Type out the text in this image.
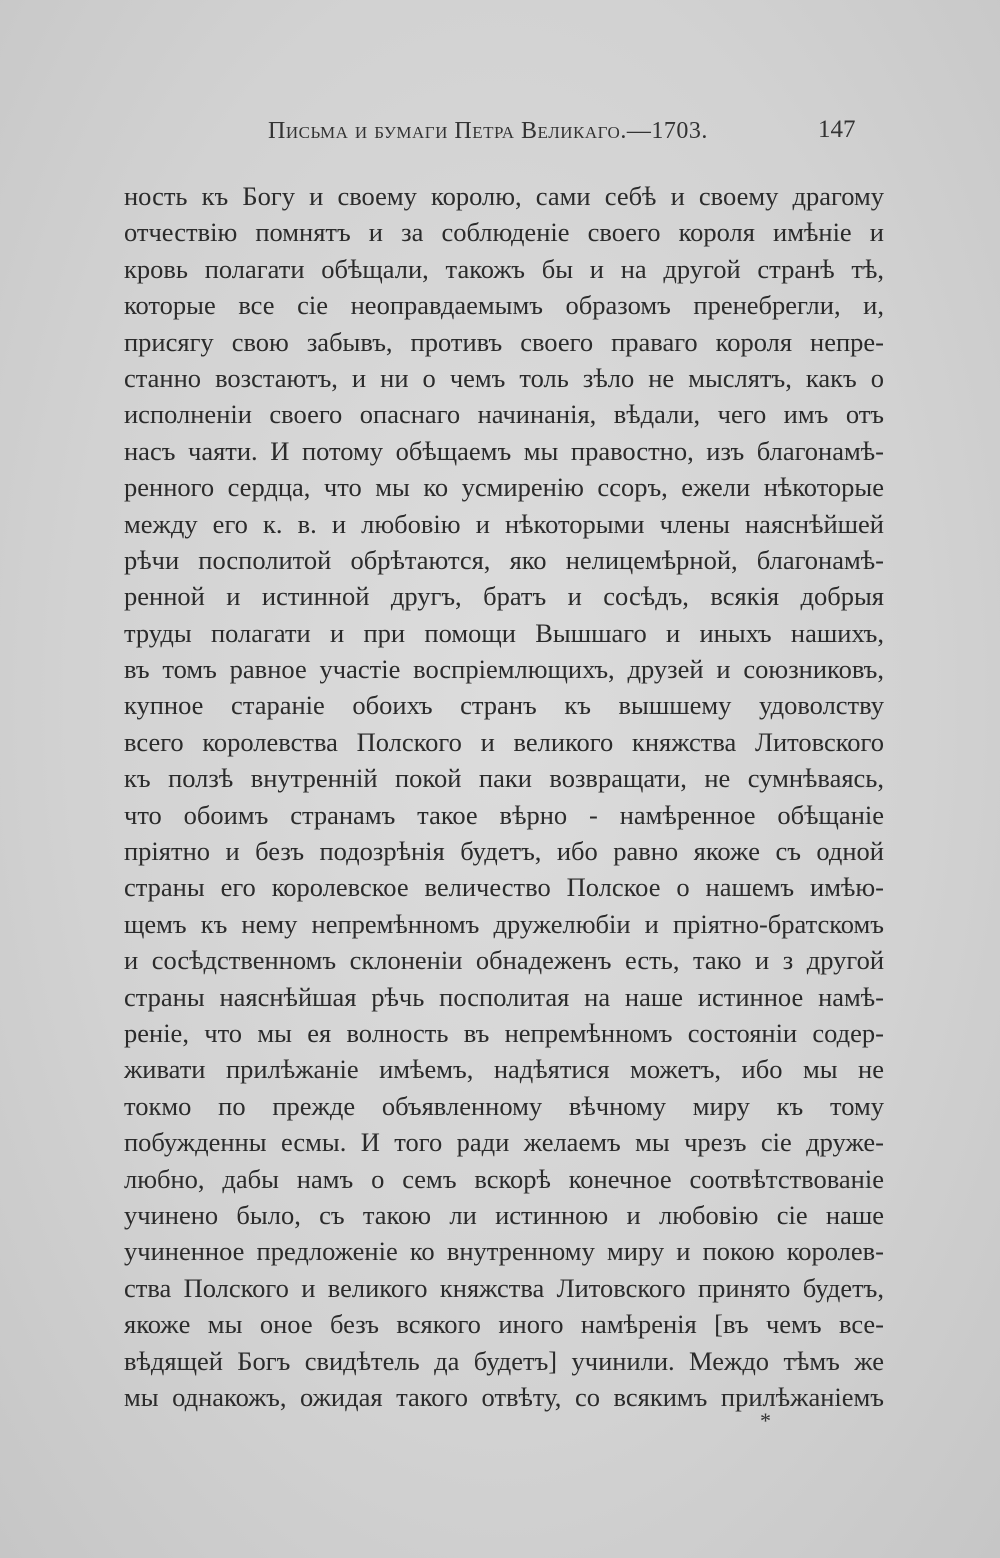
Письма и бумаги Петра Великаго.—1703.	147
ность къ Богу и своему королю, сами себѣ и своему драгому
отчествiю помнятъ и за соблюденiе своего короля имѣнiе и
кровь полагати обѣщали, такожъ бы и на другой странѣ тѣ,
которые все сiе неоправдаемымъ образомъ пренебрегли, и,
присягу свою забывъ, противъ своего праваго короля непре-
станно возстаютъ, и ни о чемъ толь зѣло не мыслятъ, какъ о
исполненiи своего опаснаго начинанiя, вѣдали, чего имъ отъ
насъ чаяти. И потому обѣщаемъ мы правостно, изъ благонамѣ-
ренного сердца, что мы ко усмиренiю ссоръ, ежели нѣкоторые
между его к. в. и любовiю и нѣкоторыми члены наяснѣйшей
рѣчи посполитой обрѣтаются, яко нелицемѣрной, благонамѣ-
ренной и истинной другъ, братъ и сосѣдъ, всякiя добрыя
труды полагати и при помощи Вышшаго и иныхъ нашихъ,
въ томъ равное участiе воспрiемлющихъ, друзей и союзниковъ,
купное старанiе обоихъ странъ къ вышшему удоволству
всего королевства Полского и великого княжства Литовского
къ ползѣ внутреннiй покой паки возвращати, не сумнѣваясь,
что обоимъ странамъ такое вѣрно - намѣренное обѣщанiе
прiятно и безъ подозрѣнiя будетъ, ибо равно якожe съ одной
страны его королевское величество Полское о нашемъ имѣю-
щемъ къ нему непремѣнномъ дружелюбiи и прiятно-братскомъ
и сосѣдственномъ склоненiи обнадеженъ есть, тако и з другой
страны наяснѣйшая рѣчь посполитая на наше истинное намѣ-
ренiе, что мы ея волность въ непремѣнномъ состоянiи содер-
живати прилѣжанiе имѣемъ, надѣятися можетъ, ибо мы не
токмо по прежде объявленному вѣчному миру къ тому
побужденны есмы. И того ради желаемъ мы чрезъ сiе друже-
любно, дабы намъ о семъ вскорѣ конечное соотвѣтствованiе
учинено было, съ такою ли истинною и любовiю сiе наше
учиненное предложенiе ко внутренному миру и покою королев-
ства Полского и великого княжства Литовского принято будетъ,
якожe мы оное безъ всякого иного намѣренiя [въ чемъ все-
вѣдящей Богъ свидѣтель да будетъ] учинили. Междо тѣмъ же
мы однакожъ, ожидая такого отвѣту, со всякимъ прилѣжанiемъ
*
